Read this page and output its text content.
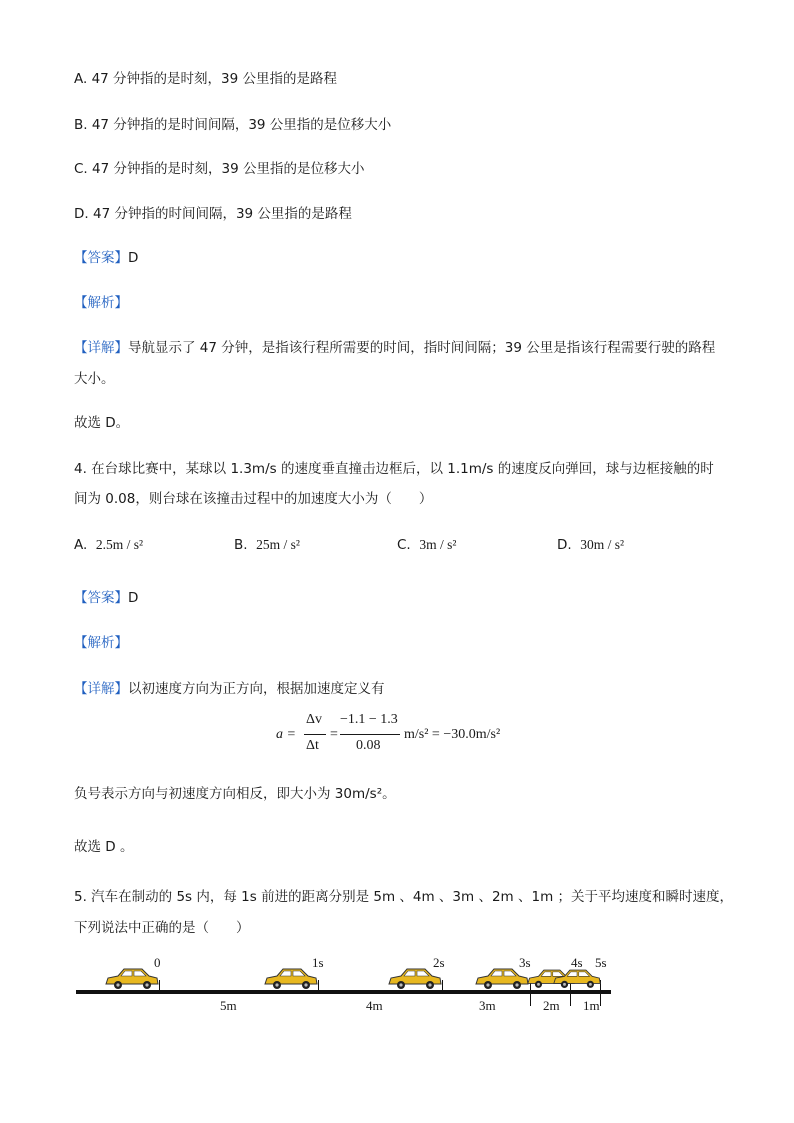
A. 47 分钟指的是时刻，39 公里指的是路程
B. 47 分钟指的是时间间隔，39 公里指的是位移大小
C. 47 分钟指的是时刻，39 公里指的是位移大小
D. 47 分钟指的时间间隔，39 公里指的是路程
【答案】D
【解析】
【详解】导航显示了 47 分钟，是指该行程所需要的时间，指时间间隔；39 公里是指该行程需要行驶的路程
大小。
故选 D。
4. 在台球比赛中，某球以 1.3m/s 的速度垂直撞击边框后，以 1.1m/s 的速度反向弹回，球与边框接触的时
间为 0.08，则台球在该撞击过程中的加速度大小为（　　）
A. 2.5m / s²	B. 25m / s²	C. 3m / s²	D. 30m / s²
【答案】D
【解析】
【详解】以初速度方向为正方向，根据加速度定义有
a =
Δv
Δt
=
−1.1 − 1.3
0.08
m/s² = −30.0m/s²
负号表示方向与初速度方向相反，即大小为 30m/s²。
故选 D 。
5. 汽车在制动的 5s 内，每 1s 前进的距离分别是 5m 、4m 、3m 、2m 、1m ；关于平均速度和瞬时速度，
下列说法中正确的是（　　）
0	1s	2s	3s	4s 5s
5m	4m	3m	2m 1m
